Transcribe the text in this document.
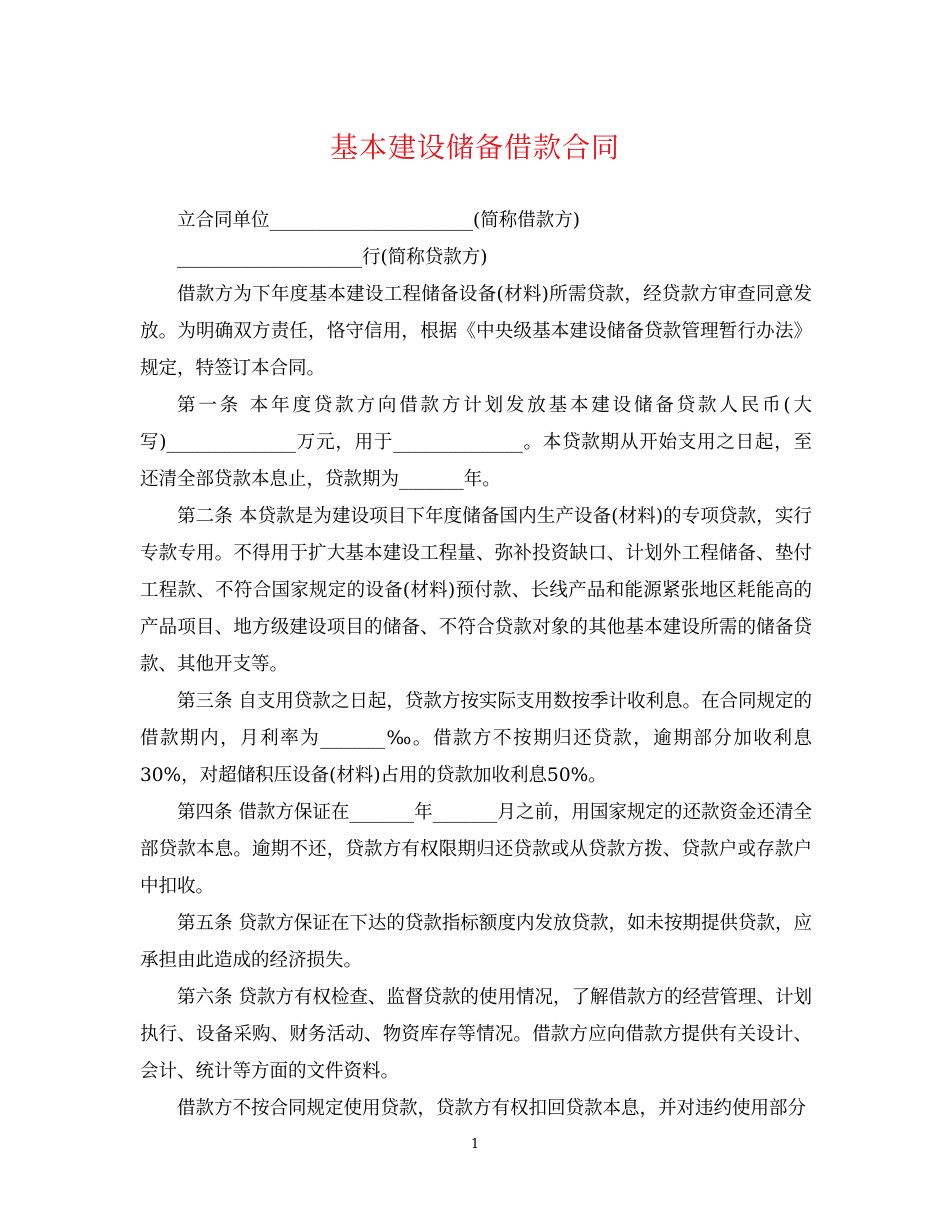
基本建设储备借款合同

立合同单位______________________(简称借款方)

____________________行(简称贷款方)

借款方为下年度基本建设工程储备设备(材料)所需贷款，经贷款方审查同意发放。为明确双方责任，恪守信用，根据《中央级基本建设储备贷款管理暂行办法》规定，特签订本合同。

第一条 本年度贷款方向借款方计划发放基本建设储备贷款人民币(大写)______________万元，用于______________。本贷款期从开始支用之日起，至还清全部贷款本息止，贷款期为_______年。

第二条 本贷款是为建设项目下年度储备国内生产设备(材料)的专项贷款，实行专款专用。不得用于扩大基本建设工程量、弥补投资缺口、计划外工程储备、垫付工程款、不符合国家规定的设备(材料)预付款、长线产品和能源紧张地区耗能高的产品项目、地方级建设项目的储备、不符合贷款对象的其他基本建设所需的储备贷款、其他开支等。

第三条 自支用贷款之日起，贷款方按实际支用数按季计收利息。在合同规定的借款期内，月利率为_______‰。借款方不按期归还贷款，逾期部分加收利息30%，对超储积压设备(材料)占用的贷款加收利息50%。

第四条 借款方保证在_______年_______月之前，用国家规定的还款资金还清全部贷款本息。逾期不还，贷款方有权限期归还贷款或从贷款方拨、贷款户或存款户中扣收。

第五条 贷款方保证在下达的贷款指标额度内发放贷款，如未按期提供贷款，应承担由此造成的经济损失。

第六条 贷款方有权检查、监督贷款的使用情况，了解借款方的经营管理、计划执行、设备采购、财务活动、物资库存等情况。借款方应向借款方提供有关设计、会计、统计等方面的文件资料。

借款方不按合同规定使用贷款，贷款方有权扣回贷款本息，并对违约使用部分

1
